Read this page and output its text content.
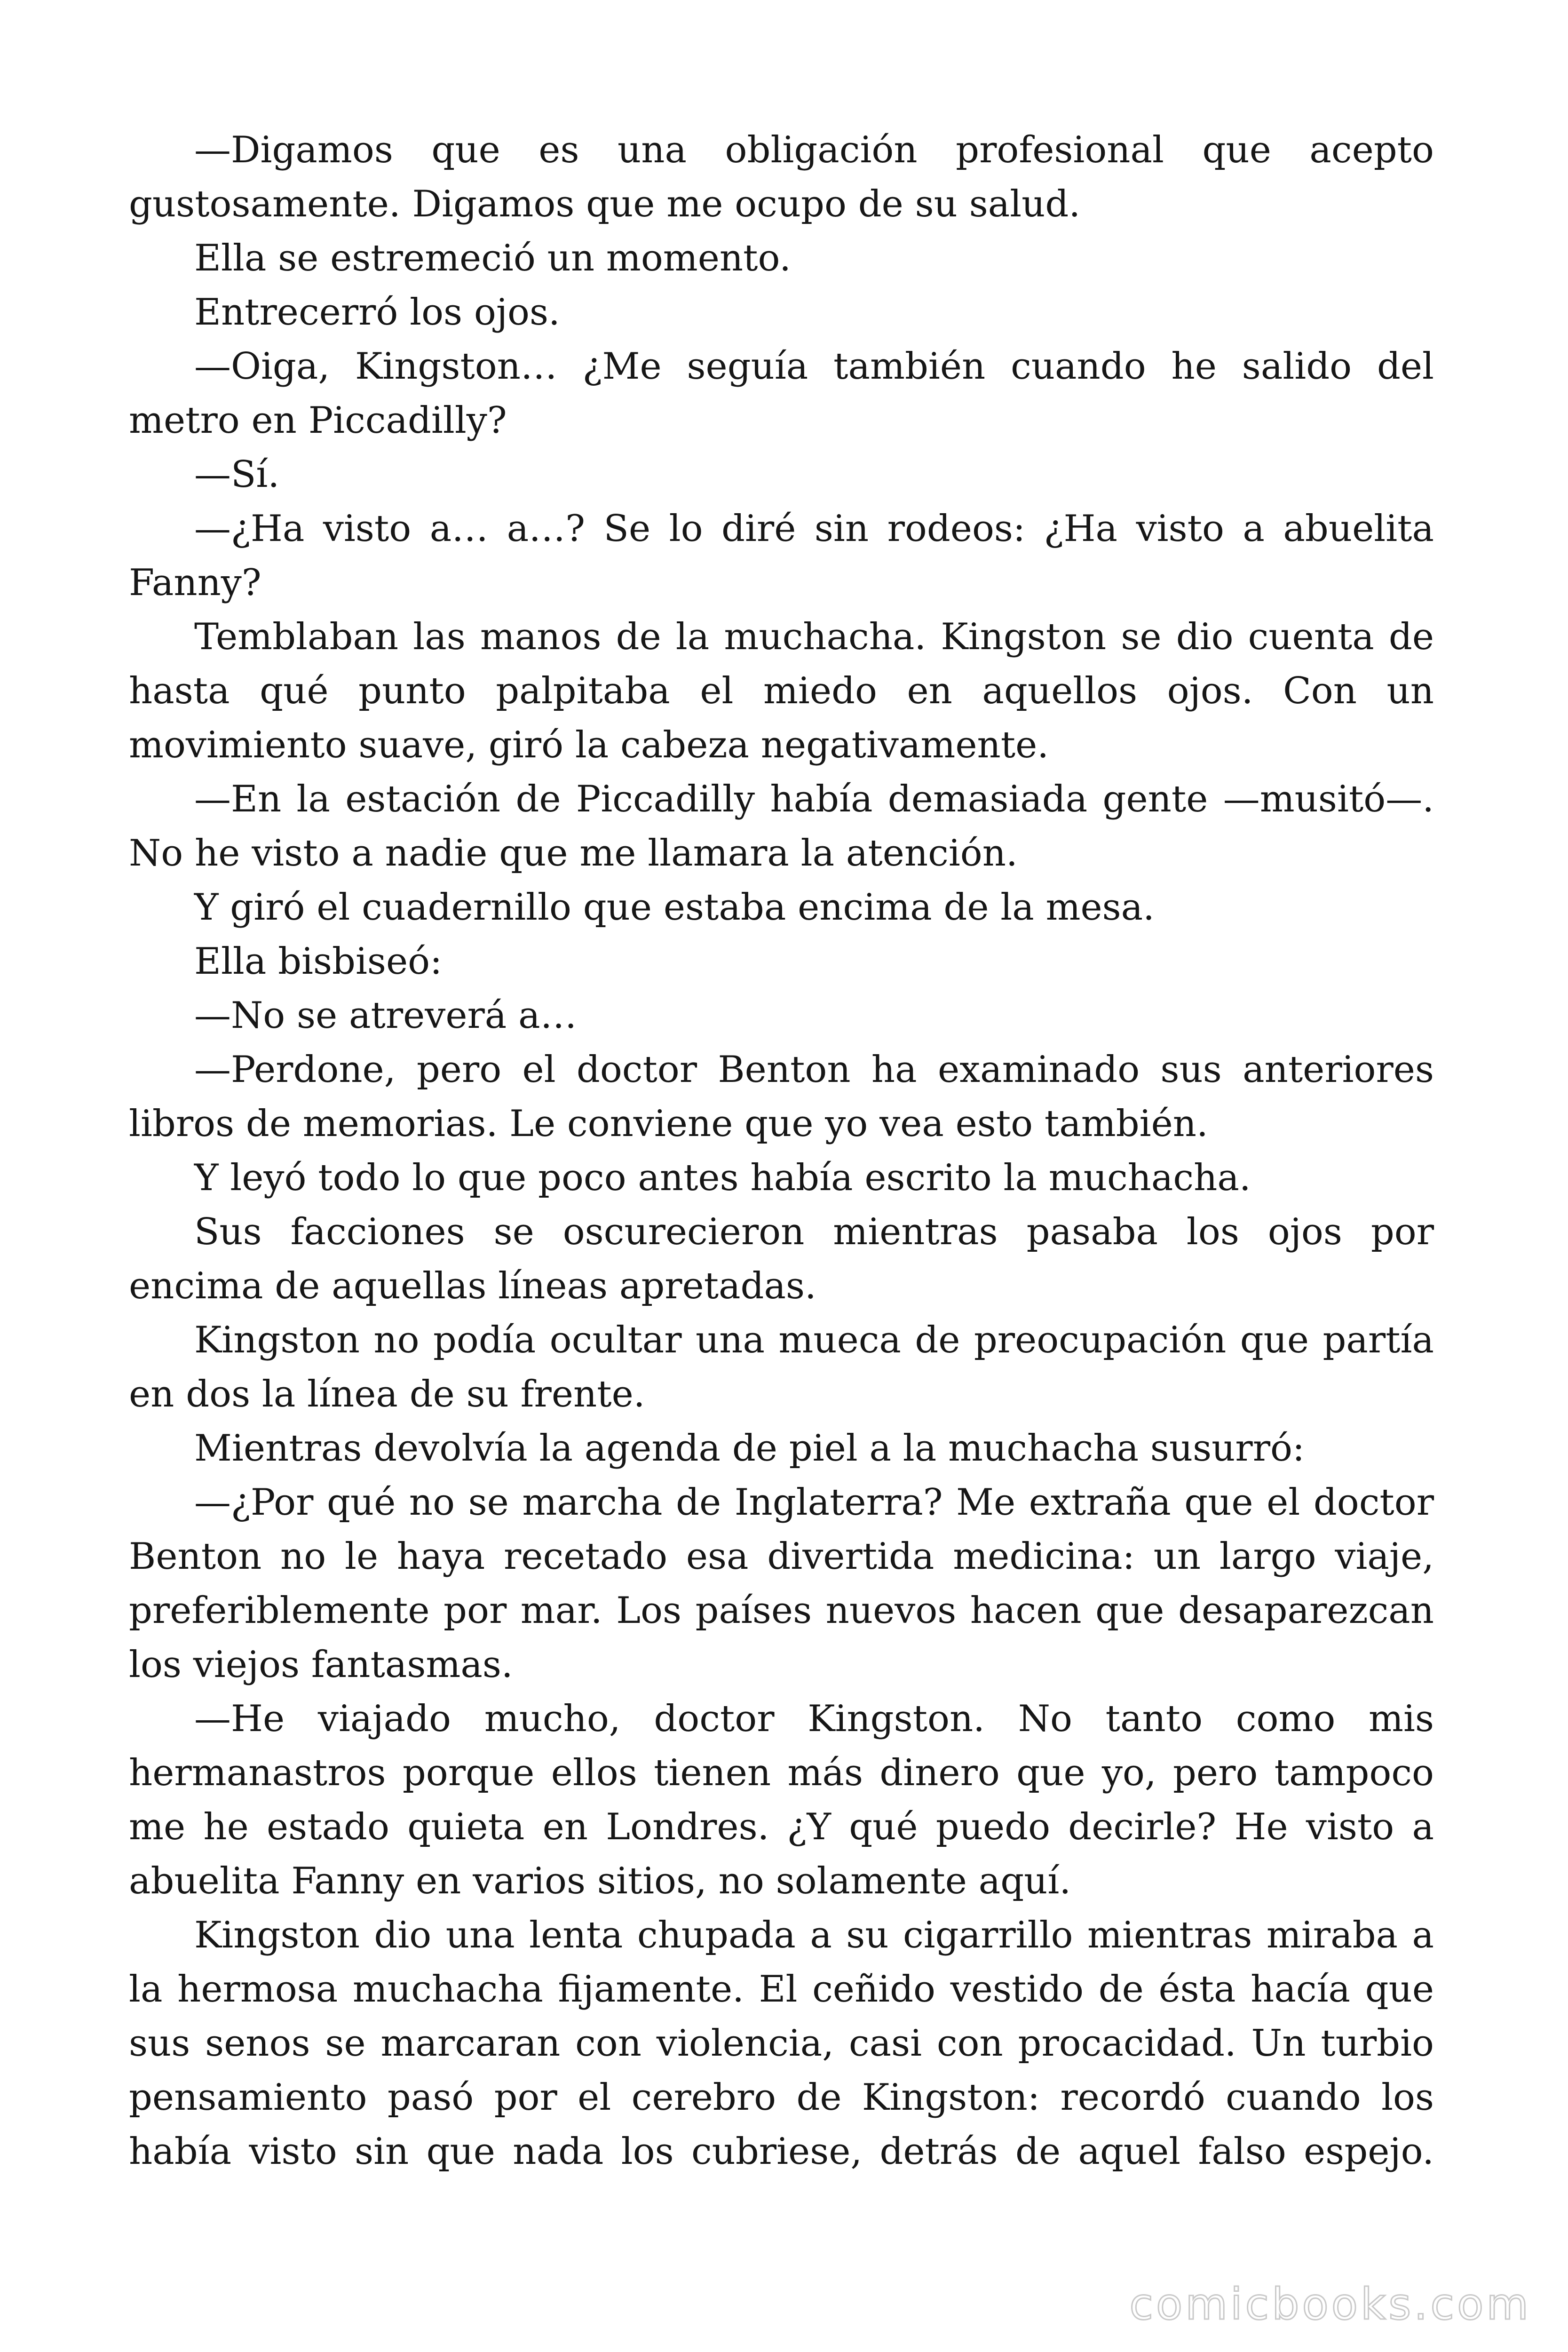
—Digamos que es una obligación profesional que acepto gustosamente. Digamos que me ocupo de su salud.

Ella se estremeció un momento.

Entrecerró los ojos.

—Oiga, Kingston… ¿Me seguía también cuando he salido del metro en Piccadilly?

—Sí.

—¿Ha visto a… a…? Se lo diré sin rodeos: ¿Ha visto a abuelita Fanny?

Temblaban las manos de la muchacha. Kingston se dio cuenta de hasta qué punto palpitaba el miedo en aquellos ojos. Con un movimiento suave, giró la cabeza negativamente.

—En la estación de Piccadilly había demasiada gente —musitó—. No he visto a nadie que me llamara la atención.

Y giró el cuadernillo que estaba encima de la mesa.

Ella bisbiseó:

—No se atreverá a…

—Perdone, pero el doctor Benton ha examinado sus anteriores libros de memorias. Le conviene que yo vea esto también.

Y leyó todo lo que poco antes había escrito la muchacha.

Sus facciones se oscurecieron mientras pasaba los ojos por encima de aquellas líneas apretadas.

Kingston no podía ocultar una mueca de preocupación que partía en dos la línea de su frente.

Mientras devolvía la agenda de piel a la muchacha susurró:

—¿Por qué no se marcha de Inglaterra? Me extraña que el doctor Benton no le haya recetado esa divertida medicina: un largo viaje, preferiblemente por mar. Los países nuevos hacen que desaparezcan los viejos fantasmas.

—He viajado mucho, doctor Kingston. No tanto como mis hermanastros porque ellos tienen más dinero que yo, pero tampoco me he estado quieta en Londres. ¿Y qué puedo decirle? He visto a abuelita Fanny en varios sitios, no solamente aquí.

Kingston dio una lenta chupada a su cigarrillo mientras miraba a la hermosa muchacha fijamente. El ceñido vestido de ésta hacía que sus senos se marcaran con violencia, casi con procacidad. Un turbio pensamiento pasó por el cerebro de Kingston: recordó cuando los había visto sin que nada los cubriese, detrás de aquel falso espejo.

comicbooks.com
